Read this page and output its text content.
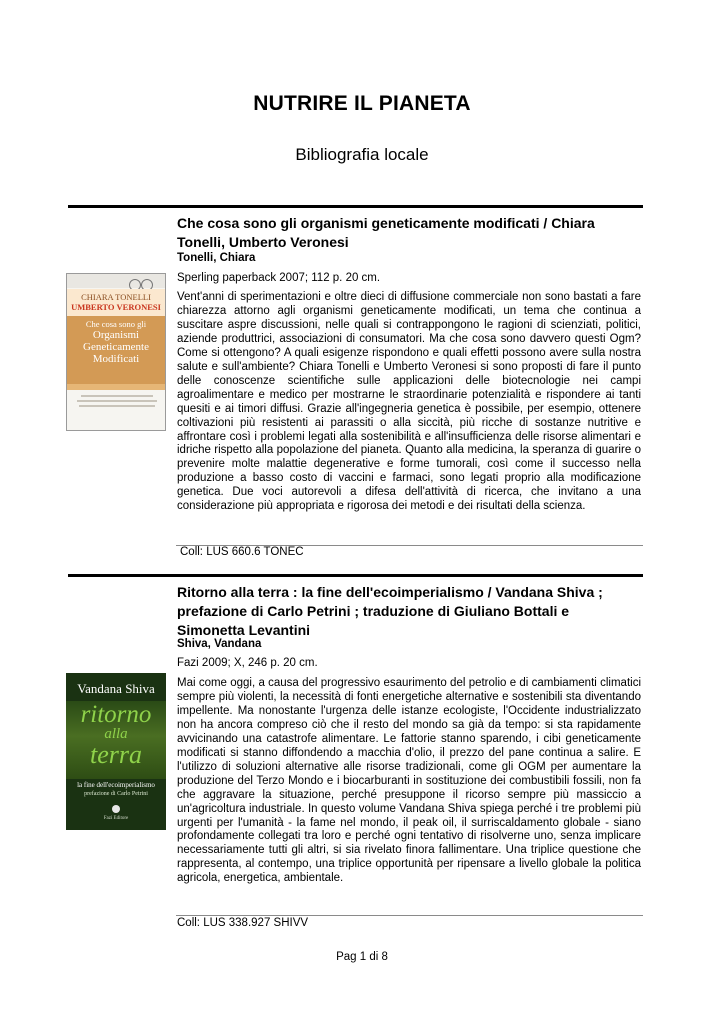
NUTRIRE IL PIANETA
Bibliografia locale
Che cosa sono gli organismi geneticamente modificati / Chiara Tonelli, Umberto Veronesi
Tonelli, Chiara
Sperling paperback 2007; 112 p. 20 cm.
CHIARA TONELLI
UMBERTO VERONESI
Che cosa sono gli
Organismi
Geneticamente
Modificati
Vent'anni di sperimentazioni e oltre dieci di diffusione commerciale non sono bastati a fare chiarezza attorno agli organismi geneticamente modificati, un tema che continua a suscitare aspre discussioni, nelle quali si contrappongono le ragioni di scienziati, politici, aziende produttrici, associazioni di consumatori. Ma che cosa sono davvero questi Ogm? Come si ottengono? A quali esigenze rispondono e quali effetti possono avere sulla nostra salute e sull'ambiente? Chiara Tonelli e Umberto Veronesi si sono proposti di fare il punto delle conoscenze scientifiche sulle applicazioni delle biotecnologie nei campi agroalimentare e medico per mostrarne le straordinarie potenzialità e rispondere ai tanti quesiti e ai timori diffusi. Grazie all'ingegneria genetica è possibile, per esempio, ottenere coltivazioni più resistenti ai parassiti o alla siccità, più ricche di sostanze nutritive e affrontare così i problemi legati alla sostenibilità e all'insufficienza delle risorse alimentari e idriche rispetto alla popolazione del pianeta. Quanto alla medicina, la speranza di guarire o prevenire molte malattie degenerative e forme tumorali, così come il successo nella produzione a basso costo di vaccini e farmaci, sono legati proprio alla modificazione genetica. Due voci autorevoli a difesa dell'attività di ricerca, che invitano a una considerazione più appropriata e rigorosa dei metodi e dei risultati della scienza.
Coll: LUS 660.6 TONEC
Ritorno alla terra : la fine dell'ecoimperialismo / Vandana Shiva ; prefazione di Carlo Petrini ; traduzione di Giuliano Bottali e Simonetta Levantini
Shiva, Vandana
Fazi 2009; X, 246 p. 20 cm.
Vandana Shiva
ritorno
alla
terra
la fine dell'ecoimperialismo
prefazione di Carlo Petrini
Fazi Editore
Mai come oggi, a causa del progressivo esaurimento del petrolio e di cambiamenti climatici sempre più violenti, la necessità di fonti energetiche alternative e sostenibili sta diventando impellente. Ma nonostante l'urgenza delle istanze ecologiste, l'Occidente industrializzato non ha ancora compreso ciò che il resto del mondo sa già da tempo: si sta rapidamente avvicinando una catastrofe alimentare. Le fattorie stanno sparendo, i cibi geneticamente modificati si stanno diffondendo a macchia d'olio, il prezzo del pane continua a salire. E l'utilizzo di soluzioni alternative alle risorse tradizionali, come gli OGM per aumentare la produzione del Terzo Mondo e i biocarburanti in sostituzione dei combustibili fossili, non fa che aggravare la situazione, perché presuppone il ricorso sempre più massiccio a un'agricoltura industriale. In questo volume Vandana Shiva spiega perché i tre problemi più urgenti per l'umanità - la fame nel mondo, il peak oil, il surriscaldamento globale - siano profondamente collegati tra loro e perché ogni tentativo di risolverne uno, senza implicare necessariamente tutti gli altri, si sia rivelato finora fallimentare. Una triplice questione che rappresenta, al contempo, una triplice opportunità per ripensare a livello globale la politica agricola, energetica, ambientale.
Coll: LUS 338.927 SHIVV
Pag 1 di 8
